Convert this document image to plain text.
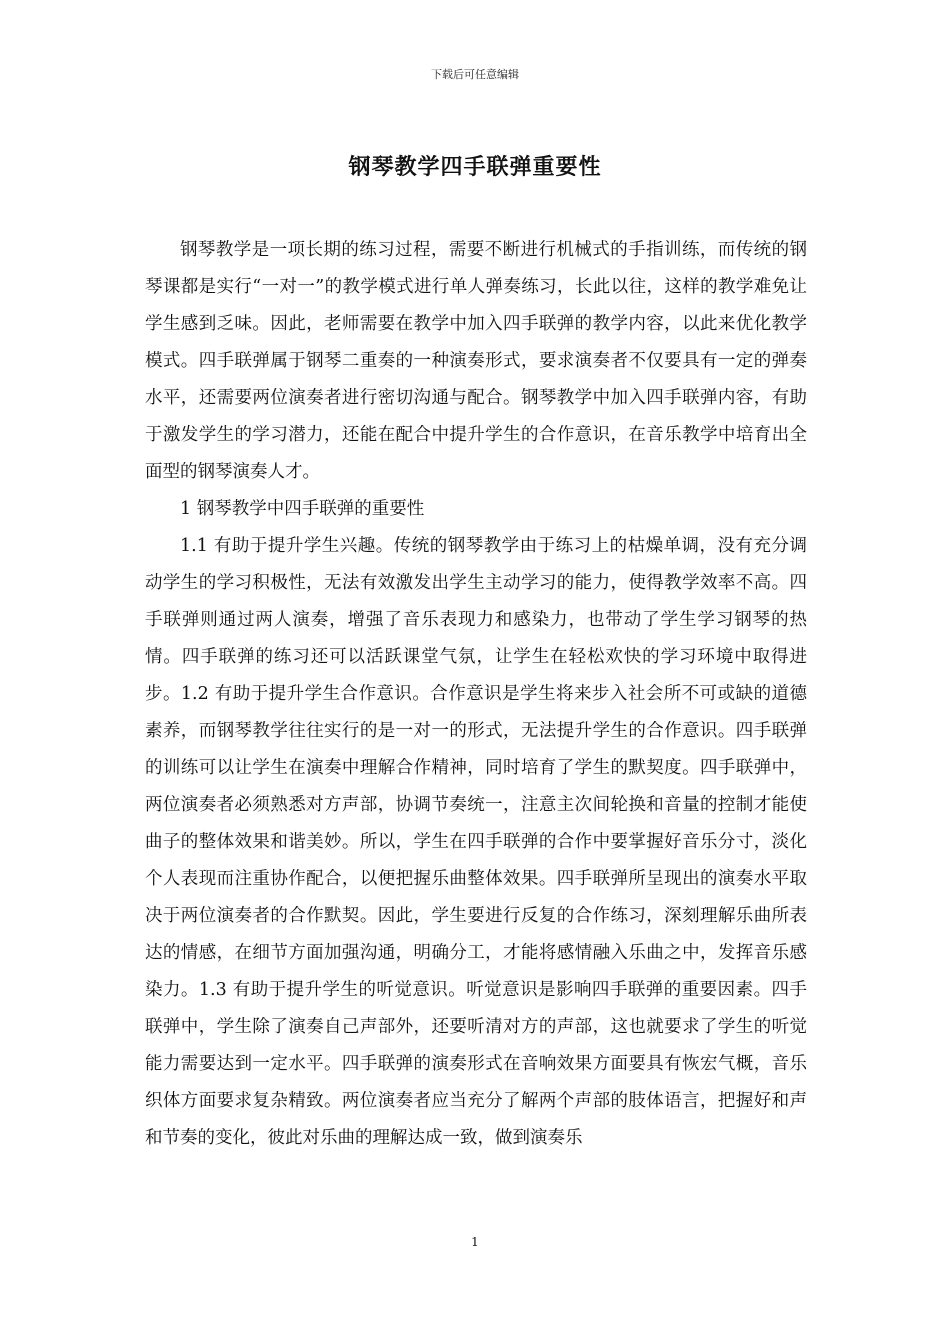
下载后可任意编辑
钢琴教学四手联弹重要性

钢琴教学是一项长期的练习过程，需要不断进行机械式的手指训练，而传统的钢琴课都是实行“一对一”的教学模式进行单人弹奏练习，长此以往，这样的教学难免让学生感到乏味。因此，老师需要在教学中加入四手联弹的教学内容，以此来优化教学模式。四手联弹属于钢琴二重奏的一种演奏形式，要求演奏者不仅要具有一定的弹奏水平，还需要两位演奏者进行密切沟通与配合。钢琴教学中加入四手联弹内容，有助于激发学生的学习潜力，还能在配合中提升学生的合作意识，在音乐教学中培育出全面型的钢琴演奏人才。

1 钢琴教学中四手联弹的重要性

1.1 有助于提升学生兴趣。传统的钢琴教学由于练习上的枯燥单调，没有充分调动学生的学习积极性，无法有效激发出学生主动学习的能力，使得教学效率不高。四手联弹则通过两人演奏，增强了音乐表现力和感染力，也带动了学生学习钢琴的热情。四手联弹的练习还可以活跃课堂气氛，让学生在轻松欢快的学习环境中取得进步。1.2 有助于提升学生合作意识。合作意识是学生将来步入社会所不可或缺的道德素养，而钢琴教学往往实行的是一对一的形式，无法提升学生的合作意识。四手联弹的训练可以让学生在演奏中理解合作精神，同时培育了学生的默契度。四手联弹中，两位演奏者必须熟悉对方声部，协调节奏统一，注意主次间轮换和音量的控制才能使曲子的整体效果和谐美妙。所以，学生在四手联弹的合作中要掌握好音乐分寸，淡化个人表现而注重协作配合，以便把握乐曲整体效果。四手联弹所呈现出的演奏水平取决于两位演奏者的合作默契。因此，学生要进行反复的合作练习，深刻理解乐曲所表达的情感，在细节方面加强沟通，明确分工，才能将感情融入乐曲之中，发挥音乐感染力。1.3 有助于提升学生的听觉意识。听觉意识是影响四手联弹的重要因素。四手联弹中，学生除了演奏自己声部外，还要听清对方的声部，这也就要求了学生的听觉能力需要达到一定水平。四手联弹的演奏形式在音响效果方面要具有恢宏气概，音乐织体方面要求复杂精致。两位演奏者应当充分了解两个声部的肢体语言，把握好和声和节奏的变化，彼此对乐曲的理解达成一致，做到演奏乐

1
